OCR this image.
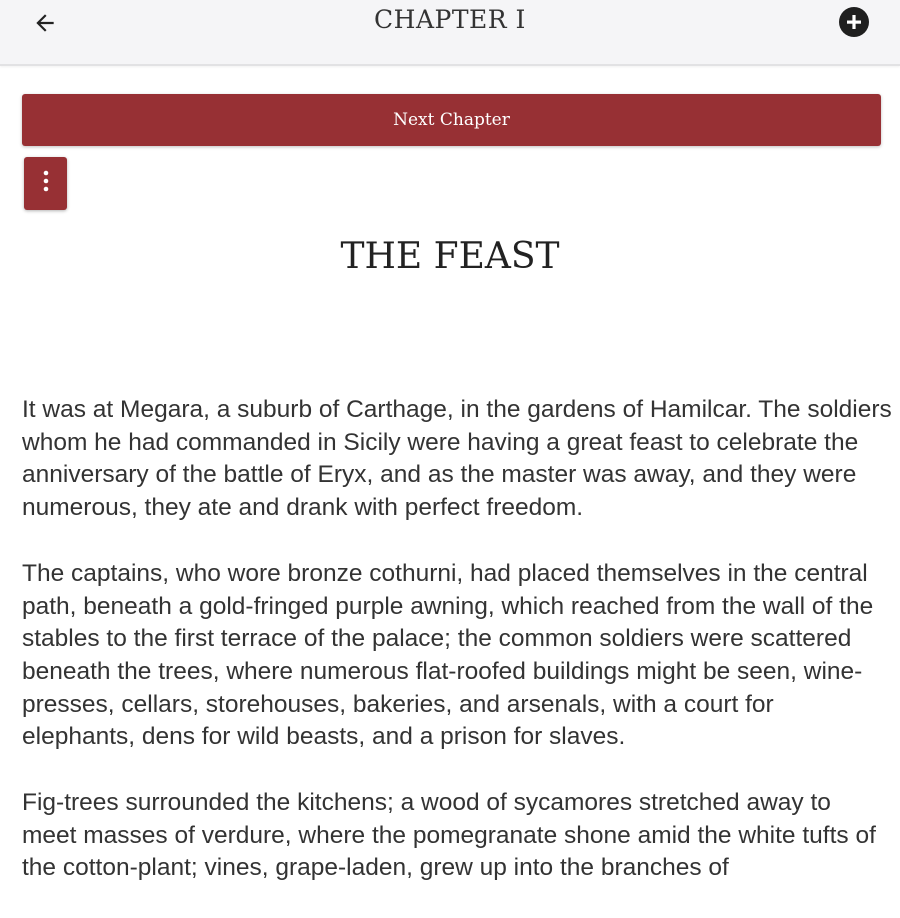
CHAPTER I
Next Chapter
THE FEAST

It was at Megara, a suburb of Carthage, in the gardens of Hamilcar. The soldiers whom he had commanded in Sicily were having a great feast to celebrate the anniversary of the battle of Eryx, and as the master was away, and they were numerous, they ate and drank with perfect freedom.

The captains, who wore bronze cothurni, had placed themselves in the central path, beneath a gold-fringed purple awning, which reached from the wall of the stables to the first terrace of the palace; the common soldiers were scattered beneath the trees, where numerous flat-roofed buildings might be seen, wine-presses, cellars, storehouses, bakeries, and arsenals, with a court for elephants, dens for wild beasts, and a prison for slaves.

Fig-trees surrounded the kitchens; a wood of sycamores stretched away to meet masses of verdure, where the pomegranate shone amid the white tufts of the cotton-plant; vines, grape-laden, grew up into the branches of
